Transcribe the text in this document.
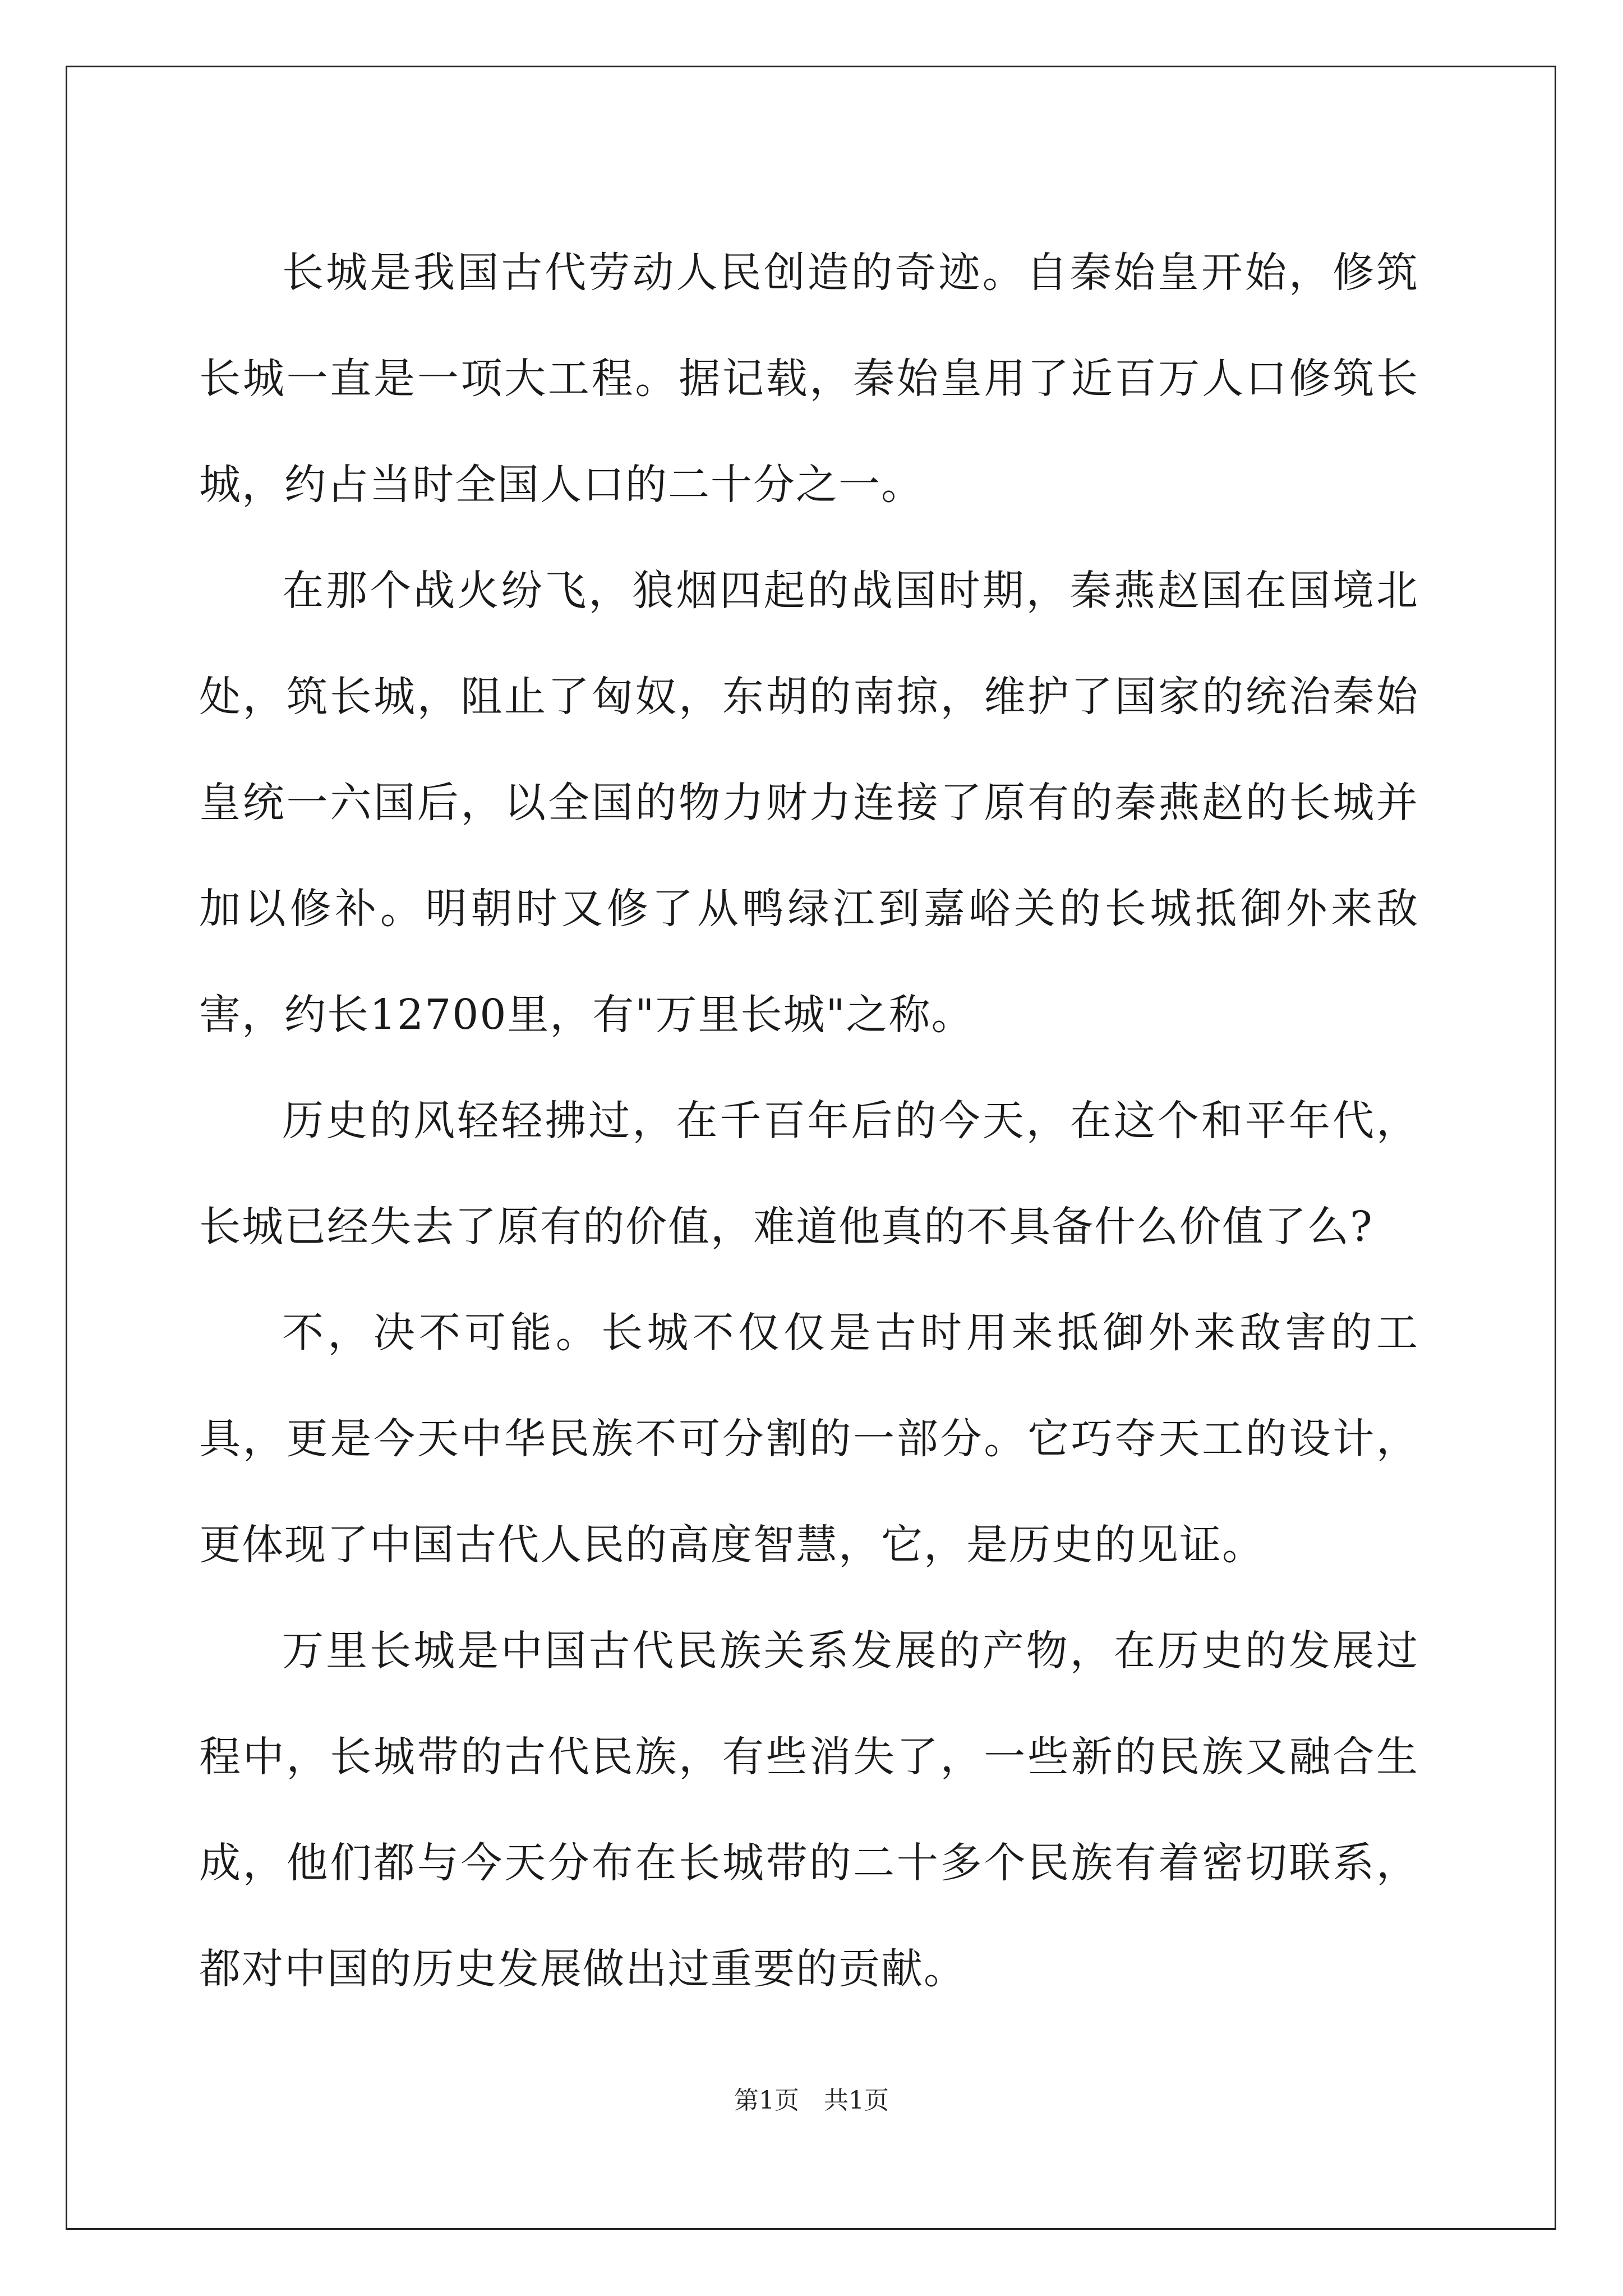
长城是我国古代劳动人民创造的奇迹。自秦始皇开始，修筑长城一直是一项大工程。据记载，秦始皇用了近百万人口修筑长城，约占当时全国人口的二十分之一。

在那个战火纷飞，狼烟四起的战国时期，秦燕赵国在国境北处，筑长城，阻止了匈奴，东胡的南掠，维护了国家的统治秦始皇统一六国后，以全国的物力财力连接了原有的秦燕赵的长城并加以修补。明朝时又修了从鸭绿江到嘉峪关的长城抵御外来敌害，约长12700里，有"万里长城"之称。

历史的风轻轻拂过，在千百年后的今天，在这个和平年代，长城已经失去了原有的价值，难道他真的不具备什么价值了么?

不，决不可能。长城不仅仅是古时用来抵御外来敌害的工具，更是今天中华民族不可分割的一部分。它巧夺天工的设计，更体现了中国古代人民的高度智慧，它，是历史的见证。

万里长城是中国古代民族关系发展的产物，在历史的发展过程中，长城带的古代民族，有些消失了，一些新的民族又融合生成，他们都与今天分布在长城带的二十多个民族有着密切联系，都对中国的历史发展做出过重要的贡献。

第1页　共1页
